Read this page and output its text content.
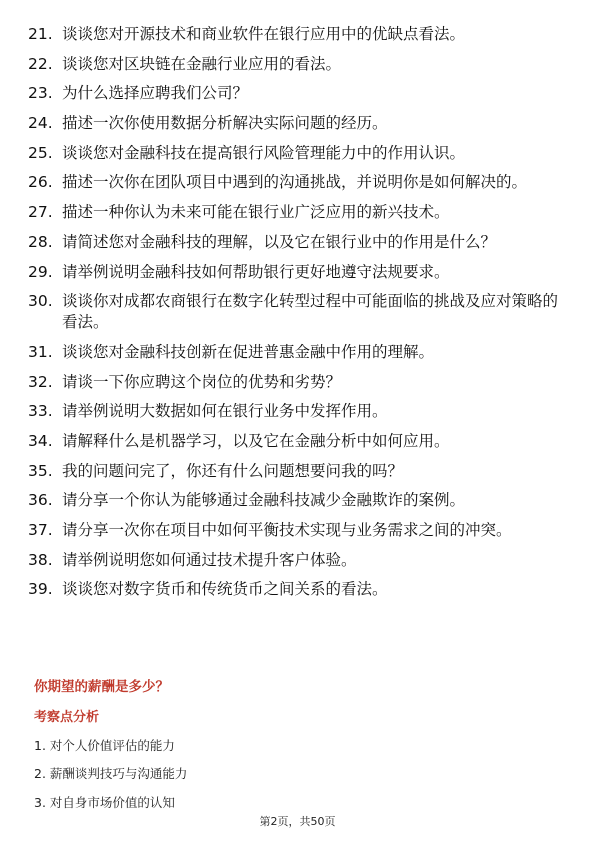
21. 谈谈您对开源技术和商业软件在银行应用中的优缺点看法。
22. 谈谈您对区块链在金融行业应用的看法。
23. 为什么选择应聘我们公司？
24. 描述一次你使用数据分析解决实际问题的经历。
25. 谈谈您对金融科技在提高银行风险管理能力中的作用认识。
26. 描述一次你在团队项目中遇到的沟通挑战，并说明你是如何解决的。
27. 描述一种你认为未来可能在银行业广泛应用的新兴技术。
28. 请简述您对金融科技的理解，以及它在银行业中的作用是什么？
29. 请举例说明金融科技如何帮助银行更好地遵守法规要求。
30. 谈谈你对成都农商银行在数字化转型过程中可能面临的挑战及应对策略的看法。
31. 谈谈您对金融科技创新在促进普惠金融中作用的理解。
32. 请谈一下你应聘这个岗位的优势和劣势？
33. 请举例说明大数据如何在银行业务中发挥作用。
34. 请解释什么是机器学习，以及它在金融分析中如何应用。
35. 我的问题问完了，你还有什么问题想要问我的吗？
36. 请分享一个你认为能够通过金融科技减少金融欺诈的案例。
37. 请分享一次你在项目中如何平衡技术实现与业务需求之间的冲突。
38. 请举例说明您如何通过技术提升客户体验。
39. 谈谈您对数字货币和传统货币之间关系的看法。
你期望的薪酬是多少？
考察点分析
1. 对个人价值评估的能力
2. 薪酬谈判技巧与沟通能力
3. 对自身市场价值的认知
第2页，共50页
